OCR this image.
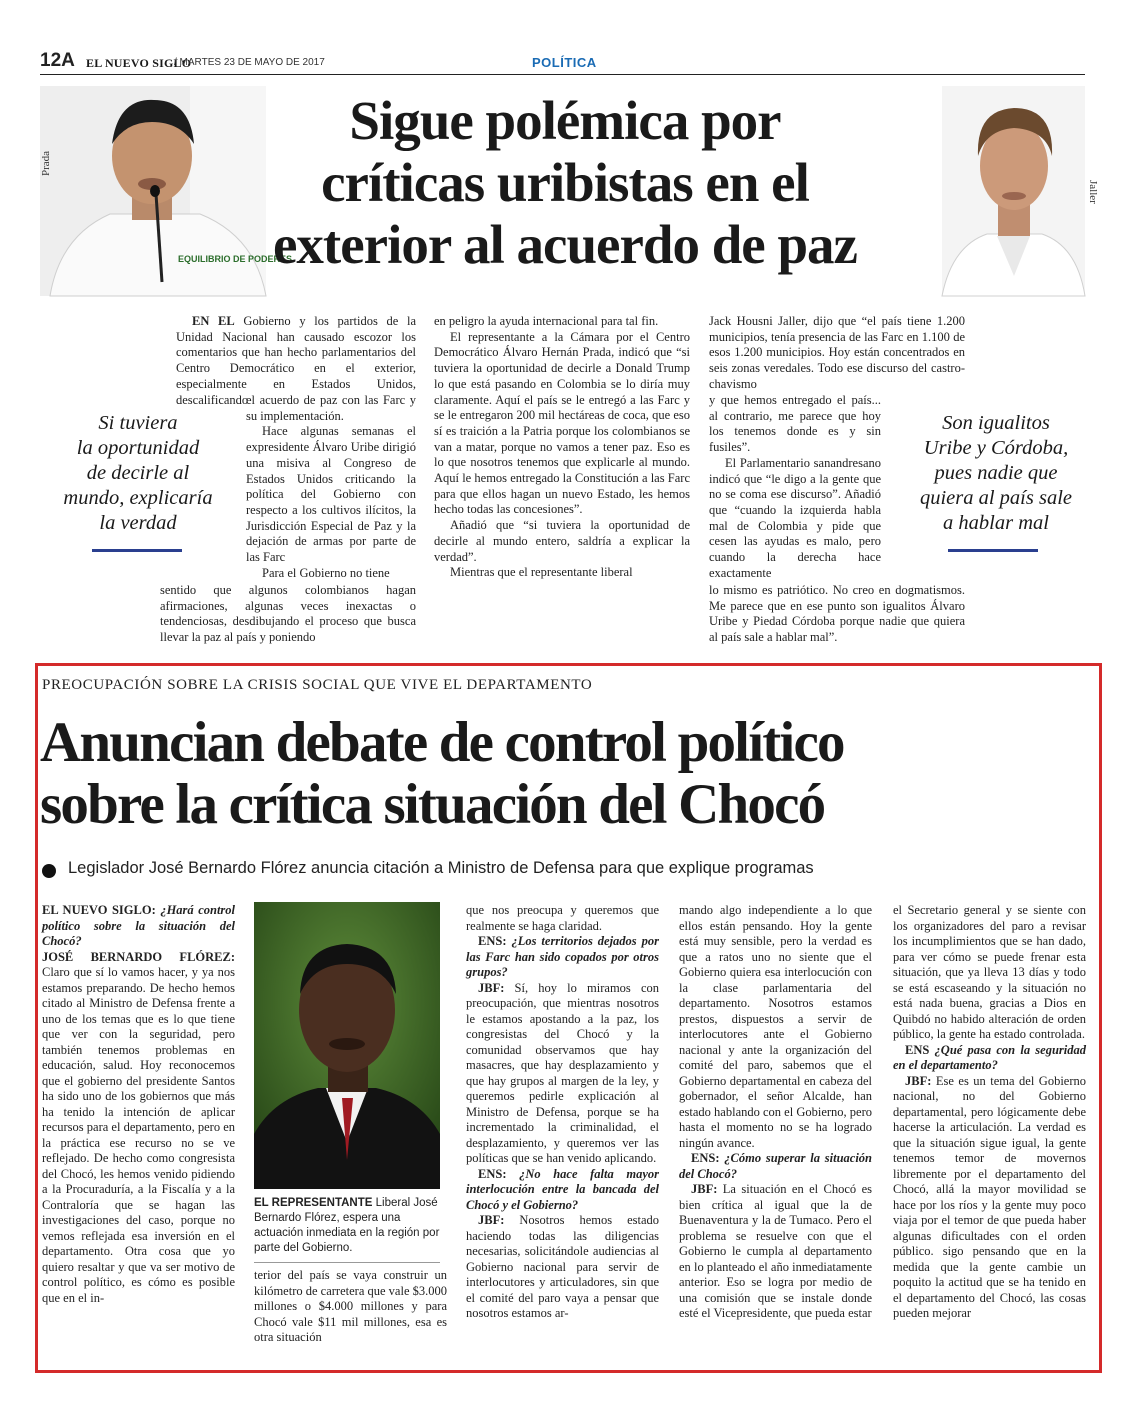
12A EL NUEVO SIGLO
/ MARTES 23 DE MAYO DE 2017	POLÍTICA
EQUILIBRIO DE PODERES
Prada
Jaller
Sigue polémica por
críticas uribistas en el
exterior al acuerdo de paz

EN EL Gobierno y los partidos de la Unidad Nacional han causado escozor los comentarios que han hecho parlamentarios del Centro Democrático en el exterior, especialmente en Estados Unidos, descalificando

el acuerdo de paz con las Farc y su implementación.

Hace algunas semanas el expresidente Álvaro Uribe dirigió una misiva al Congreso de Estados Unidos criticando la política del Gobierno con respecto a los cultivos ilícitos, la Jurisdicción Especial de Paz y la dejación de armas por parte de las Farc

Para el Gobierno no tiene

sentido que algunos colombianos hagan afirmaciones, algunas veces inexactas o tendenciosas, desdibujando el proceso que busca llevar la paz al país y poniendo

en peligro la ayuda internacional para tal fin.

El representante a la Cámara por el Centro Democrático Álvaro Hernán Prada, indicó que “si tuviera la oportunidad de decirle a Donald Trump lo que está pasando en Colombia se lo diría muy claramente. Aquí el país se le entregó a las Farc y se le entregaron 200 mil hectáreas de coca, que eso sí es traición a la Patria porque los colombianos se van a matar, porque no vamos a tener paz. Eso es lo que nosotros tenemos que explicarle al mundo. Aquí le hemos entregado la Constitución a las Farc para que ellos hagan un nuevo Estado, les hemos hecho todas las concesiones”.

Añadió que “si tuviera la oportunidad de decirle al mundo entero, saldría a explicar la verdad”.

Mientras que el representante liberal

Jack Housni Jaller, dijo que “el país tiene 1.200 municipios, tenía presencia de las Farc en 1.100 de esos 1.200 municipios. Hoy están concentrados en seis zonas veredales. Todo ese discurso del castro-chavismo

y que hemos entregado el país... al contrario, me parece que hoy los tenemos donde es y sin fusiles”.

El Parlamentario sanandresano indicó que “le digo a la gente que no se coma ese discurso”. Añadió que “cuando la izquierda habla mal de Colombia y pide que cesen las ayudas es malo, pero cuando la derecha hace exactamente

lo mismo es patriótico. No creo en dogmatismos. Me parece que en ese punto son igualitos Álvaro Uribe y Piedad Córdoba porque nadie que quiera al país sale a hablar mal”.

Si tuviera
la oportunidad
de decirle al
mundo, explicaría
la verdad
Son igualitos
Uribe y Córdoba,
pues nadie que
quiera al país sale
a hablar mal
PREOCUPACIÓN SOBRE LA CRISIS SOCIAL QUE VIVE EL DEPARTAMENTO
Anuncian debate de control político
sobre la crítica situación del Chocó
Legislador José Bernardo Flórez anuncia citación a Ministro de Defensa para que explique programas

EL NUEVO SIGLO: ¿Hará control político sobre la situación del Chocó?

JOSÉ BERNARDO FLÓREZ: Claro que sí lo vamos hacer, y ya nos estamos preparando. De hecho hemos citado al Ministro de Defensa frente a uno de los temas que es lo que tiene que ver con la seguridad, pero también tenemos problemas en educación, salud. Hoy reconocemos que el gobierno del presidente Santos ha sido uno de los gobiernos que más ha tenido la intención de aplicar recursos para el departamento, pero en la práctica ese recurso no se ve reflejado. De hecho como congresista del Chocó, les hemos venido pidiendo a la Procuraduría, a la Fiscalía y a la Contraloría que se hagan las investigaciones del caso, porque no vemos reflejada esa inversión en el departamento. Otra cosa que yo quiero resaltar y que va ser motivo de control político, es cómo es posible que en el in-

EL REPRESENTANTE Liberal José Bernardo Flórez, espera una actuación inmediata en la región por parte del Gobierno.

terior del país se vaya construir un kilómetro de carretera que vale $3.000 millones o $4.000 millones y para Chocó vale $11 mil millones, esa es otra situación

que nos preocupa y queremos que realmente se haga claridad.

ENS: ¿Los territorios dejados por las Farc han sido copados por otros grupos?

JBF: Sí, hoy lo miramos con preocupación, que mientras nosotros le estamos apostando a la paz, los congresistas del Chocó y la comunidad observamos que hay masacres, que hay desplazamiento y que hay grupos al margen de la ley, y queremos pedirle explicación al Ministro de Defensa, porque se ha incrementado la criminalidad, el desplazamiento, y queremos ver las políticas que se han venido aplicando.

ENS: ¿No hace falta mayor interlocución entre la bancada del Chocó y el Gobierno?

JBF: Nosotros hemos estado haciendo todas las diligencias necesarias, solicitándole audiencias al Gobierno nacional para servir de interlocutores y articuladores, sin que el comité del paro vaya a pensar que nosotros estamos ar-

mando algo independiente a lo que ellos están pensando. Hoy la gente está muy sensible, pero la verdad es que a ratos uno no siente que el Gobierno quiera esa interlocución con la clase parlamentaria del departamento. Nosotros estamos prestos, dispuestos a servir de interlocutores ante el Gobierno nacional y ante la organización del comité del paro, sabemos que el Gobierno departamental en cabeza del gobernador, el señor Alcalde, han estado hablando con el Gobierno, pero hasta el momento no se ha logrado ningún avance.

ENS: ¿Cómo superar la situación del Chocó?

JBF: La situación en el Chocó es bien crítica al igual que la de Buenaventura y la de Tumaco. Pero el problema se resuelve con que el Gobierno le cumpla al departamento en lo planteado el año inmediatamente anterior. Eso se logra por medio de una comisión que se instale donde esté el Vicepresidente, que pueda estar

el Secretario general y se siente con los organizadores del paro a revisar los incumplimientos que se han dado, para ver cómo se puede frenar esta situación, que ya lleva 13 días y todo se está escaseando y la situación no está nada buena, gracias a Dios en Quibdó no habido alteración de orden público, la gente ha estado controlada.

ENS ¿Qué pasa con la seguridad en el departamento?

JBF: Ese es un tema del Gobierno nacional, no del Gobierno departamental, pero lógicamente debe hacerse la articulación. La verdad es que la situación sigue igual, la gente tenemos temor de movernos libremente por el departamento del Chocó, allá la mayor movilidad se hace por los ríos y la gente muy poco viaja por el temor de que pueda haber algunas dificultades con el orden público. sigo pensando que en la medida que la gente cambie un poquito la actitud que se ha tenido en el departamento del Chocó, las cosas pueden mejorar
